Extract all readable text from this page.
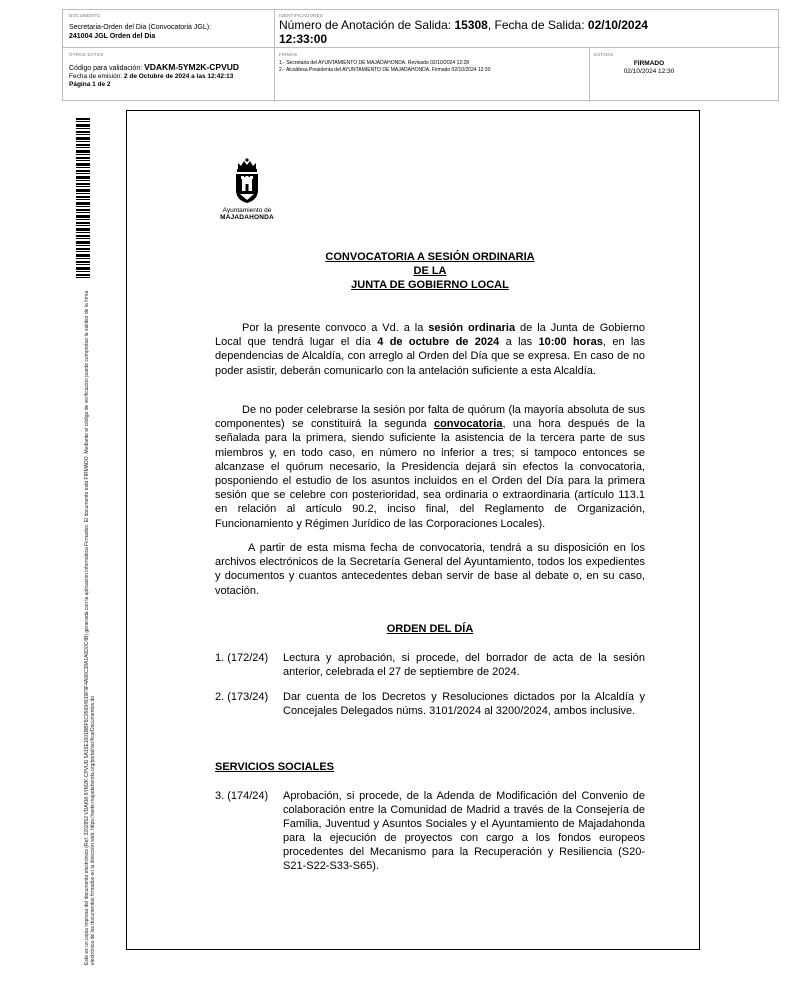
DOCUMENTO
Secretaria-Orden del Dia (Convocatoria JGL):
241004 JGL Orden del Dia
IDENTIFICADORES
Número de Anotación de Salida: 15308, Fecha de Salida: 02/10/2024
12:33:00
OTROS DATOS
Código para validación: VDAKM-5YM2K-CPVUD
Fecha de emisión: 2 de Octubre de 2024 a las 12:42:13
Página 1 de 2
FIRMAS
1.- Secretaria del AYUNTAMIENTO DE MAJADAHONDA. Revisado 02/10/2024 12:28
2.- Alcaldesa Presidenta del AYUNTAMIENTO DE MAJADAHONDA. Firmado 02/10/2024 12:30
ESTADO
FIRMADO
02/10/2024 12:30
Este es un copia impresa del documento electrónico (Ref: 3202952 VDAKM-5YM2K-CPVUD 5A15E1601BBF5C95694919F9F4A98C38A1A6D0C4B) generada con la aplicación informática Firmadoc. El documento está FIRMADO. Mediante el código de verificación puede comprobar la validez de la firma electrónica de los documentos firmados en la dirección web: https://sede.majadahonda.org/portal/verificarDocumentos.do
Ayuntamiento de
MAJADAHONDA
CONVOCATORIA A SESIÓN ORDINARIA
DE LA
JUNTA DE GOBIERNO LOCAL
Por la presente convoco a Vd. a la sesión ordinaria de la Junta de Gobierno Local que tendrá lugar el día 4 de octubre de 2024 a las 10:00 horas, en las dependencias de Alcaldía, con arreglo al Orden del Día que se expresa. En caso de no poder asistir, deberán comunicarlo con la antelación suficiente a esta Alcaldía.
De no poder celebrarse la sesión por falta de quórum (la mayoría absoluta de sus componentes) se constituirá la segunda convocatoria, una hora después de la señalada para la primera, siendo suficiente la asistencia de la tercera parte de sus miembros y, en todo caso, en número no inferior a tres; si tampoco entonces se alcanzase el quórum necesario, la Presidencia dejará sin efectos la convocatoria, posponiendo el estudio de los asuntos incluidos en el Orden del Día para la primera sesión que se celebre con posterioridad, sea ordinaria o extraordinaria (artículo 113.1 en relación al artículo 90.2, inciso final, del Reglamento de Organización, Funcionamiento y Régimen Jurídico de las Corporaciones Locales).
A partir de esta misma fecha de convocatoria, tendrá a su disposición en los archivos electrónicos de la Secretaría General del Ayuntamiento, todos los expedientes y documentos y cuantos antecedentes deban servir de base al debate o, en su caso, votación.
ORDEN DEL DÍA
1. (172/24)	Lectura y aprobación, si procede, del borrador de acta de la sesión anterior, celebrada el 27 de septiembre de 2024.
2. (173/24)	Dar cuenta de los Decretos y Resoluciones dictados por la Alcaldía y Concejales Delegados núms. 3101/2024 al 3200/2024, ambos inclusive.
SERVICIOS SOCIALES
3. (174/24)	Aprobación, si procede, de la Adenda de Modificación del Convenio de colaboración entre la Comunidad de Madrid a través de la Consejería de Familia, Juventud y Asuntos Sociales y el Ayuntamiento de Majadahonda para la ejecución de proyectos con cargo a los fondos europeos procedentes del Mecanismo para la Recuperación y Resiliencia (S20-S21-S22-S33-S65).
